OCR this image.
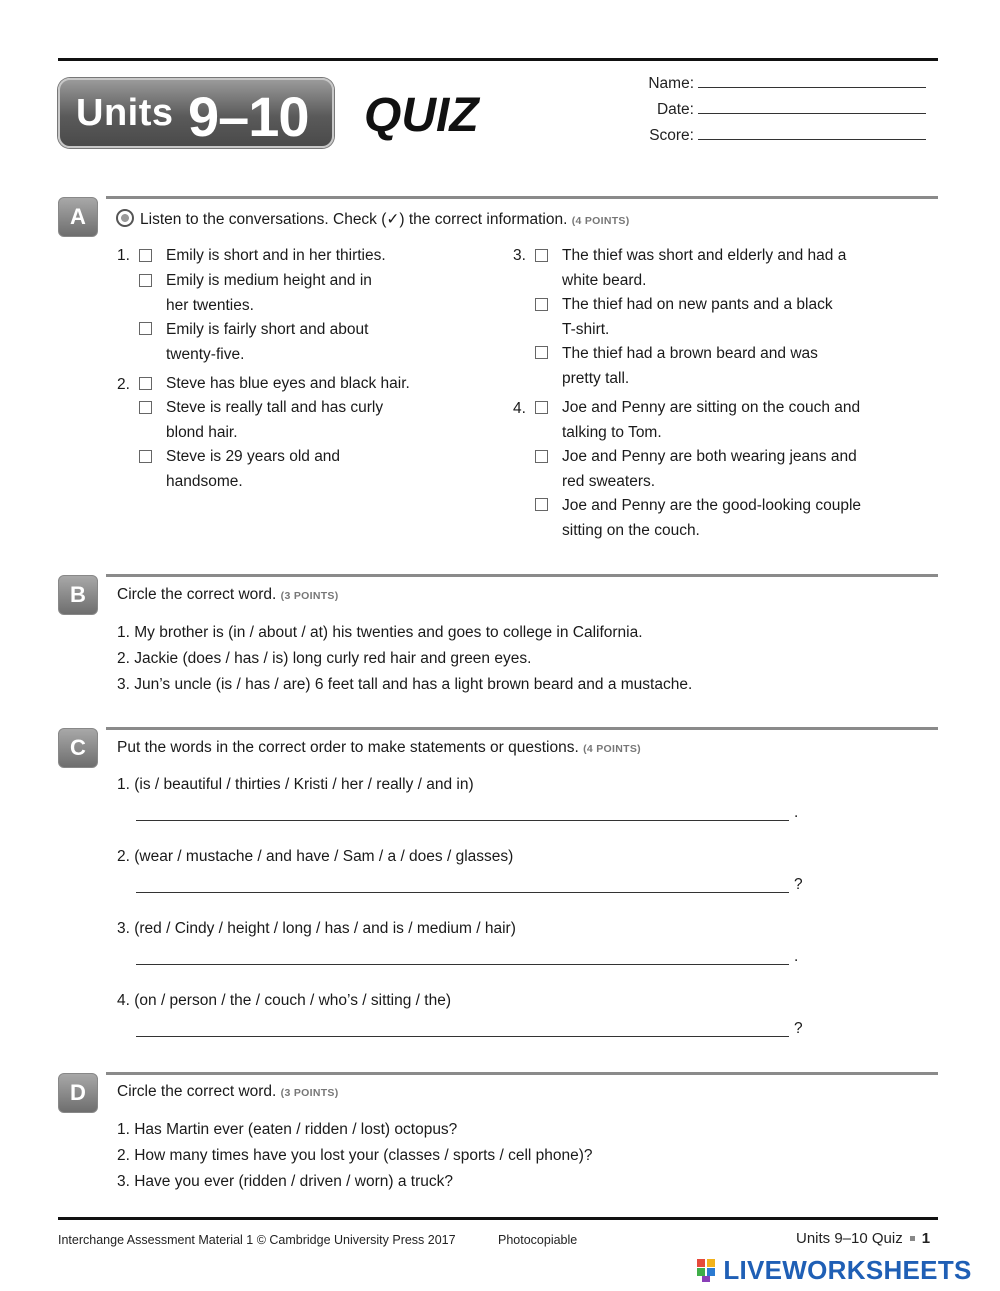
Units 9–10 QUIZ
Name:
Date:
Score:
A	Listen to the conversations. Check (✓) the correct information. (4 POINTS)
1. Emily is short and in her thirties.
Emily is medium height and in
her twenties.
Emily is fairly short and about
twenty-five.
2. Steve has blue eyes and black hair.
Steve is really tall and has curly
blond hair.
Steve is 29 years old and
handsome.
3. The thief was short and elderly and had a
white beard.
The thief had on new pants and a black
T-shirt.
The thief had a brown beard and was
pretty tall.
4. Joe and Penny are sitting on the couch and
talking to Tom.
Joe and Penny are both wearing jeans and
red sweaters.
Joe and Penny are the good-looking couple
sitting on the couch.
B	Circle the correct word. (3 POINTS)
1. My brother is (in / about / at) his twenties and goes to college in California.
2. Jackie (does / has / is) long curly red hair and green eyes.
3. Jun’s uncle (is / has / are) 6 feet tall and has a light brown beard and a mustache.
C	Put the words in the correct order to make statements or questions. (4 POINTS)
1. (is / beautiful / thirties / Kristi / her / really / and in)
.
2. (wear / mustache / and have / Sam / a / does / glasses)
?
3. (red / Cindy / height / long / has / and is / medium / hair)
.
4. (on / person / the / couch / who’s / sitting / the)
?
D	Circle the correct word. (3 POINTS)
1. Has Martin ever (eaten / ridden / lost) octopus?
2. How many times have you lost your (classes / sports / cell phone)?
3. Have you ever (ridden / driven / worn) a truck?
Interchange Assessment Material 1 © Cambridge University Press 2017	Photocopiable	Units 9–10 Quiz 1
LIVEWORKSHEETS
